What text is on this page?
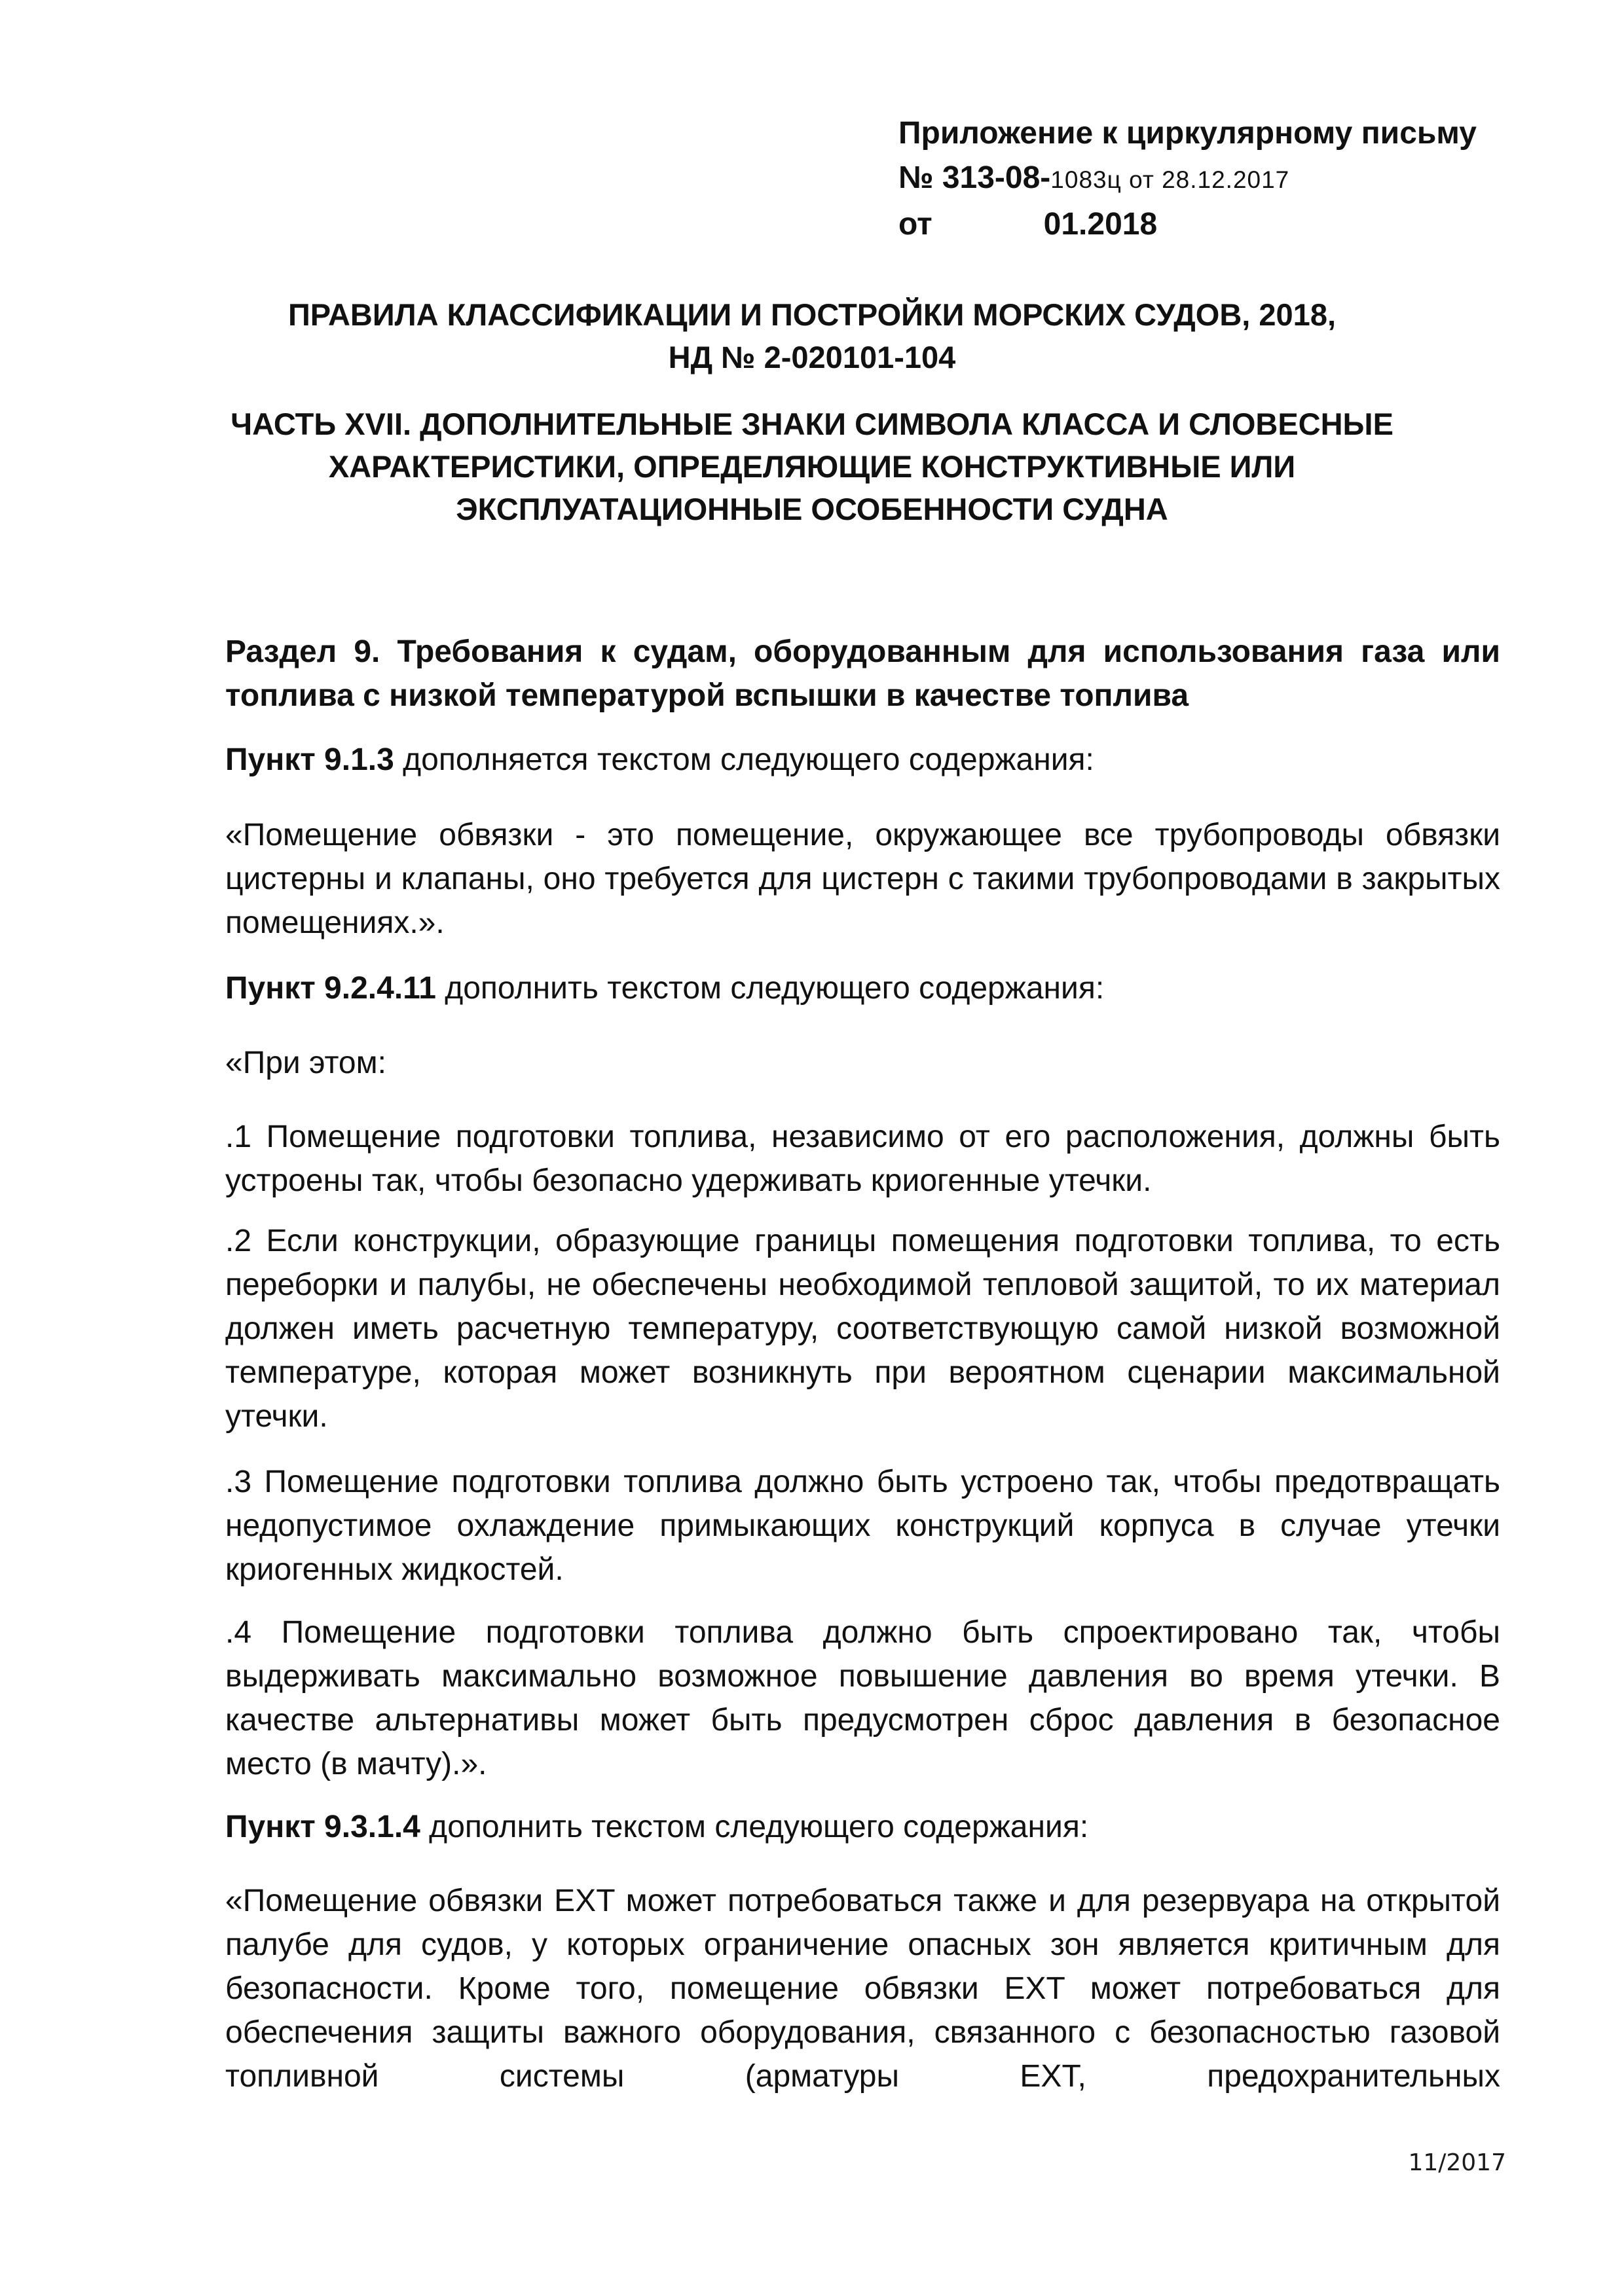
Приложение к циркулярному письму
№ 313-08-1083ц от 28.12.2017
от	01.2018
ПРАВИЛА КЛАССИФИКАЦИИ И ПОСТРОЙКИ МОРСКИХ СУДОВ, 2018,
НД № 2-020101-104
ЧАСТЬ XVII. ДОПОЛНИТЕЛЬНЫЕ ЗНАКИ СИМВОЛА КЛАССА И СЛОВЕСНЫЕ ХАРАКТЕРИСТИКИ, ОПРЕДЕЛЯЮЩИЕ КОНСТРУКТИВНЫЕ ИЛИ ЭКСПЛУАТАЦИОННЫЕ ОСОБЕННОСТИ СУДНА
Раздел 9. Требования к судам, оборудованным для использования газа или топлива с низкой температурой вспышки в качестве топлива
Пункт 9.1.3 дополняется текстом следующего содержания:
«Помещение обвязки - это помещение, окружающее все трубопроводы обвязки цистерны и клапаны, оно требуется для цистерн с такими трубопроводами в закрытых помещениях.».
Пункт 9.2.4.11 дополнить текстом следующего содержания:
«При этом:
.1 Помещение подготовки топлива, независимо от его расположения, должны быть устроены так, чтобы безопасно удерживать криогенные утечки.
.2 Если конструкции, образующие границы помещения подготовки топлива, то есть переборки и палубы, не обеспечены необходимой тепловой защитой, то их материал должен иметь расчетную температуру, соответствующую самой низкой возможной температуре, которая может возникнуть при вероятном сценарии максимальной утечки.
.3 Помещение подготовки топлива должно быть устроено так, чтобы предотвращать недопустимое охлаждение примыкающих конструкций корпуса в случае утечки криогенных жидкостей.
.4 Помещение подготовки топлива должно быть спроектировано так, чтобы выдерживать максимально возможное повышение давления во время утечки. В качестве альтернативы может быть предусмотрен сброс давления в безопасное место (в мачту).».
Пункт 9.3.1.4 дополнить текстом следующего содержания:
«Помещение обвязки EXT может потребоваться также и для резервуара на открытой палубе для судов, у которых ограничение опасных зон является критичным для безопасности. Кроме того, помещение обвязки EXT может потребоваться для обеспечения защиты важного оборудования, связанного с безопасностью газовой топливной системы (арматуры EXT, предохранительных
11/2017
